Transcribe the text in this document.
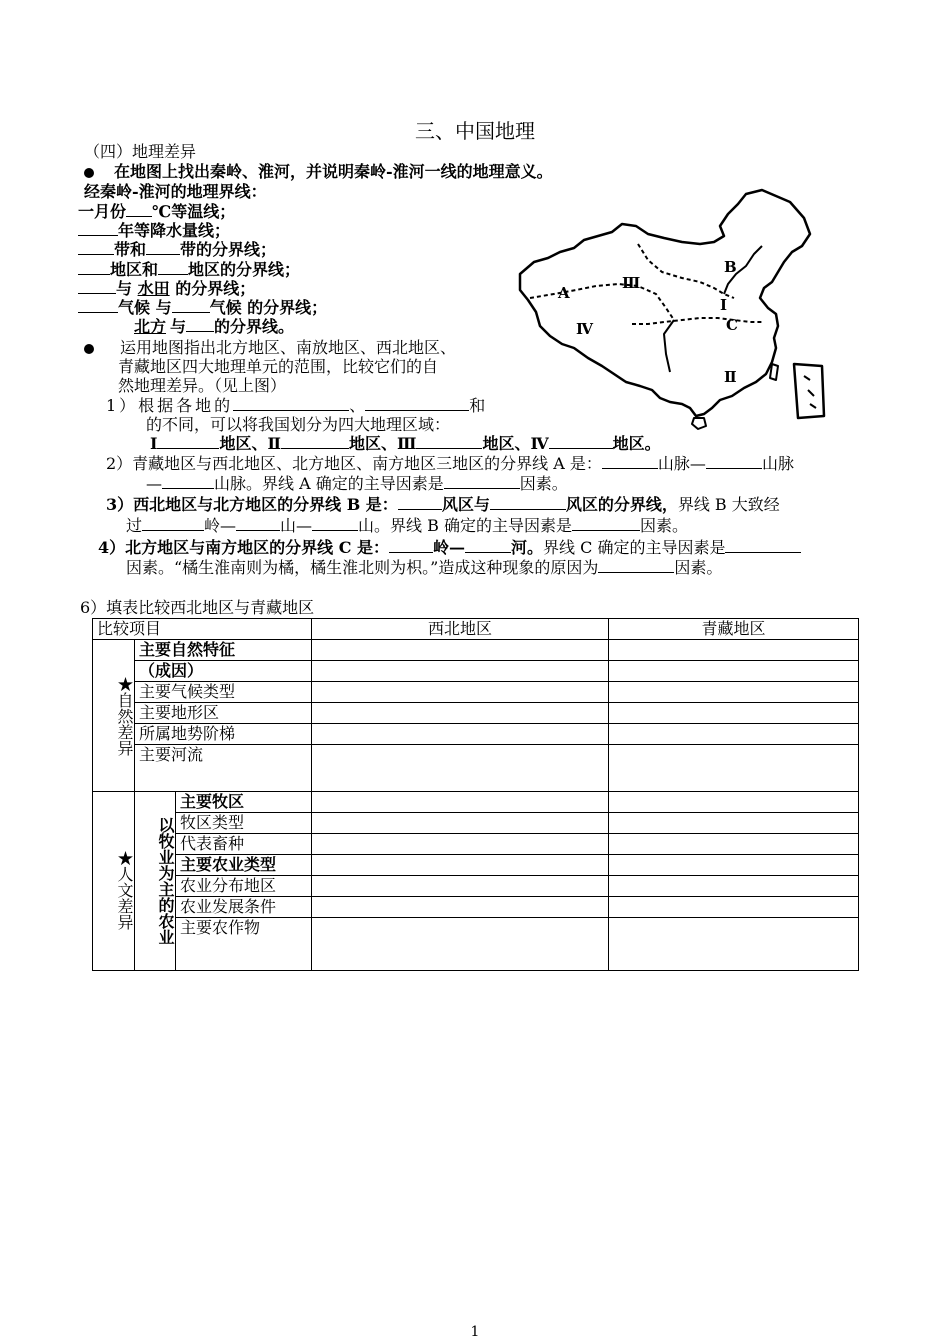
三、中国地理
（四）地理差异
在地图上找出秦岭、淮河，并说明秦岭-淮河一线的地理意义。
经秦岭-淮河的地理界线：
一月份 ℃等温线；
年等降水量线；
带和 带的分界线；
地区和 地区的分界线；
与 水田 的分界线；
气候 与 气候 的分界线；
北方 与 的分界线。
运用地图指出北方地区、南放地区、西北地区、
青藏地区四大地理单元的范围，比较它们的自
然地理差异。（见上图）
1）根据各地的	、	和
的不同，可以将我国划分为四大地理区域：
Ⅰ	地区、Ⅱ	地区、Ⅲ	地区、Ⅳ	地区。
2）青藏地区与西北地区、北方地区、南方地区三地区的分界线 A 是：	山脉—	山脉
—	山脉。界线 A 确定的主导因素是	因素。
3）西北地区与北方地区的分界线 B 是：	风区与	风区的分界线，界线 B 大致经
过	岭—	山—	山。界线 B 确定的主导因素是	因素。
4）北方地区与南方地区的分界线 C 是：	岭—	河。界线 C 确定的主导因素是
因素。“橘生淮南则为橘，橘生淮北则为枳。”造成这种现象的原因为	因素。
A
B
C
Ⅰ
Ⅱ
Ⅲ
Ⅳ
6）填表比较西北地区与青藏地区
比较项目			西北地区	青藏地区
★自然差异	主要自然特征			
	（成因）			
	主要气候类型			
	主要地形区			
	所属地势阶梯			
	主要河流			
★人文差异	以牧业为主的农业	主要牧区		
		牧区类型		
		代表畜种		
		主要农业类型		
		农业分布地区		
		农业发展条件		
		主要农作物		
1
